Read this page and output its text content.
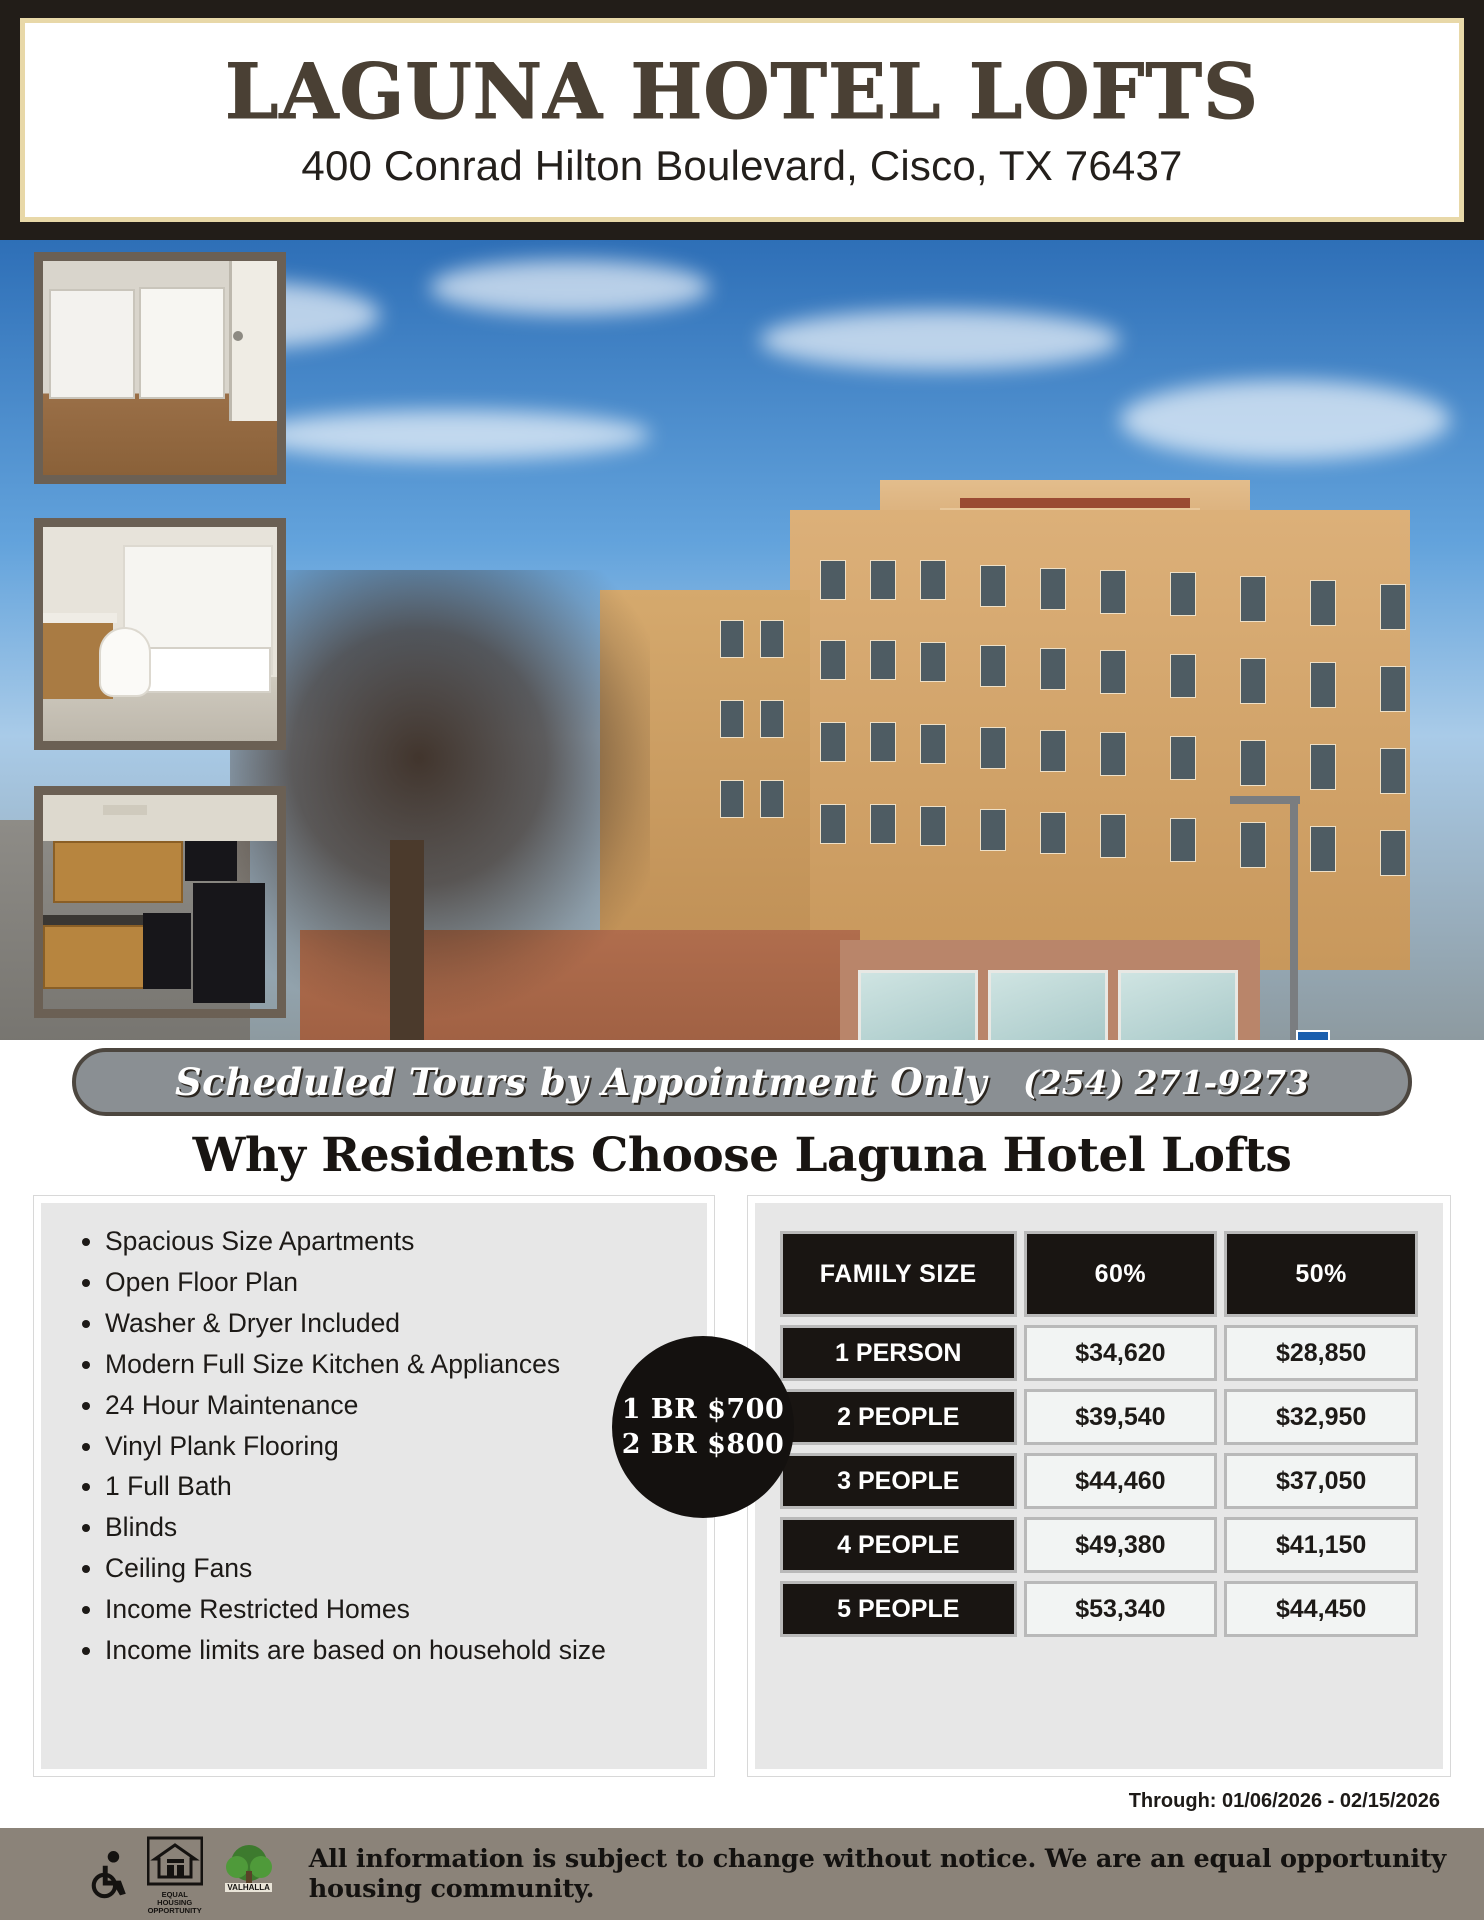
LAGUNA HOTEL LOFTS
400 Conrad Hilton Boulevard, Cisco, TX 76437
Scheduled Tours by Appointment Only (254) 271-9273
Why Residents Choose Laguna Hotel Lofts
• Spacious Size Apartments
• Open Floor Plan
• Washer & Dryer Included
• Modern Full Size Kitchen & Appliances
• 24 Hour Maintenance
• Vinyl Plank Flooring
• 1 Full Bath
• Blinds
• Ceiling Fans
• Income Restricted Homes
• Income limits are based on household size
1 BR $700
2 BR $800
FAMILY SIZE	60%	50%
1 PERSON	$34,620	$28,850
2 PEOPLE	$39,540	$32,950
3 PEOPLE	$44,460	$37,050
4 PEOPLE	$49,380	$41,150
5 PEOPLE	$53,340	$44,450
Through: 01/06/2026 - 02/15/2026
EQUAL HOUSING
OPPORTUNITY
VALHALLA
All information is subject to change without notice. We are an equal opportunity housing community.
